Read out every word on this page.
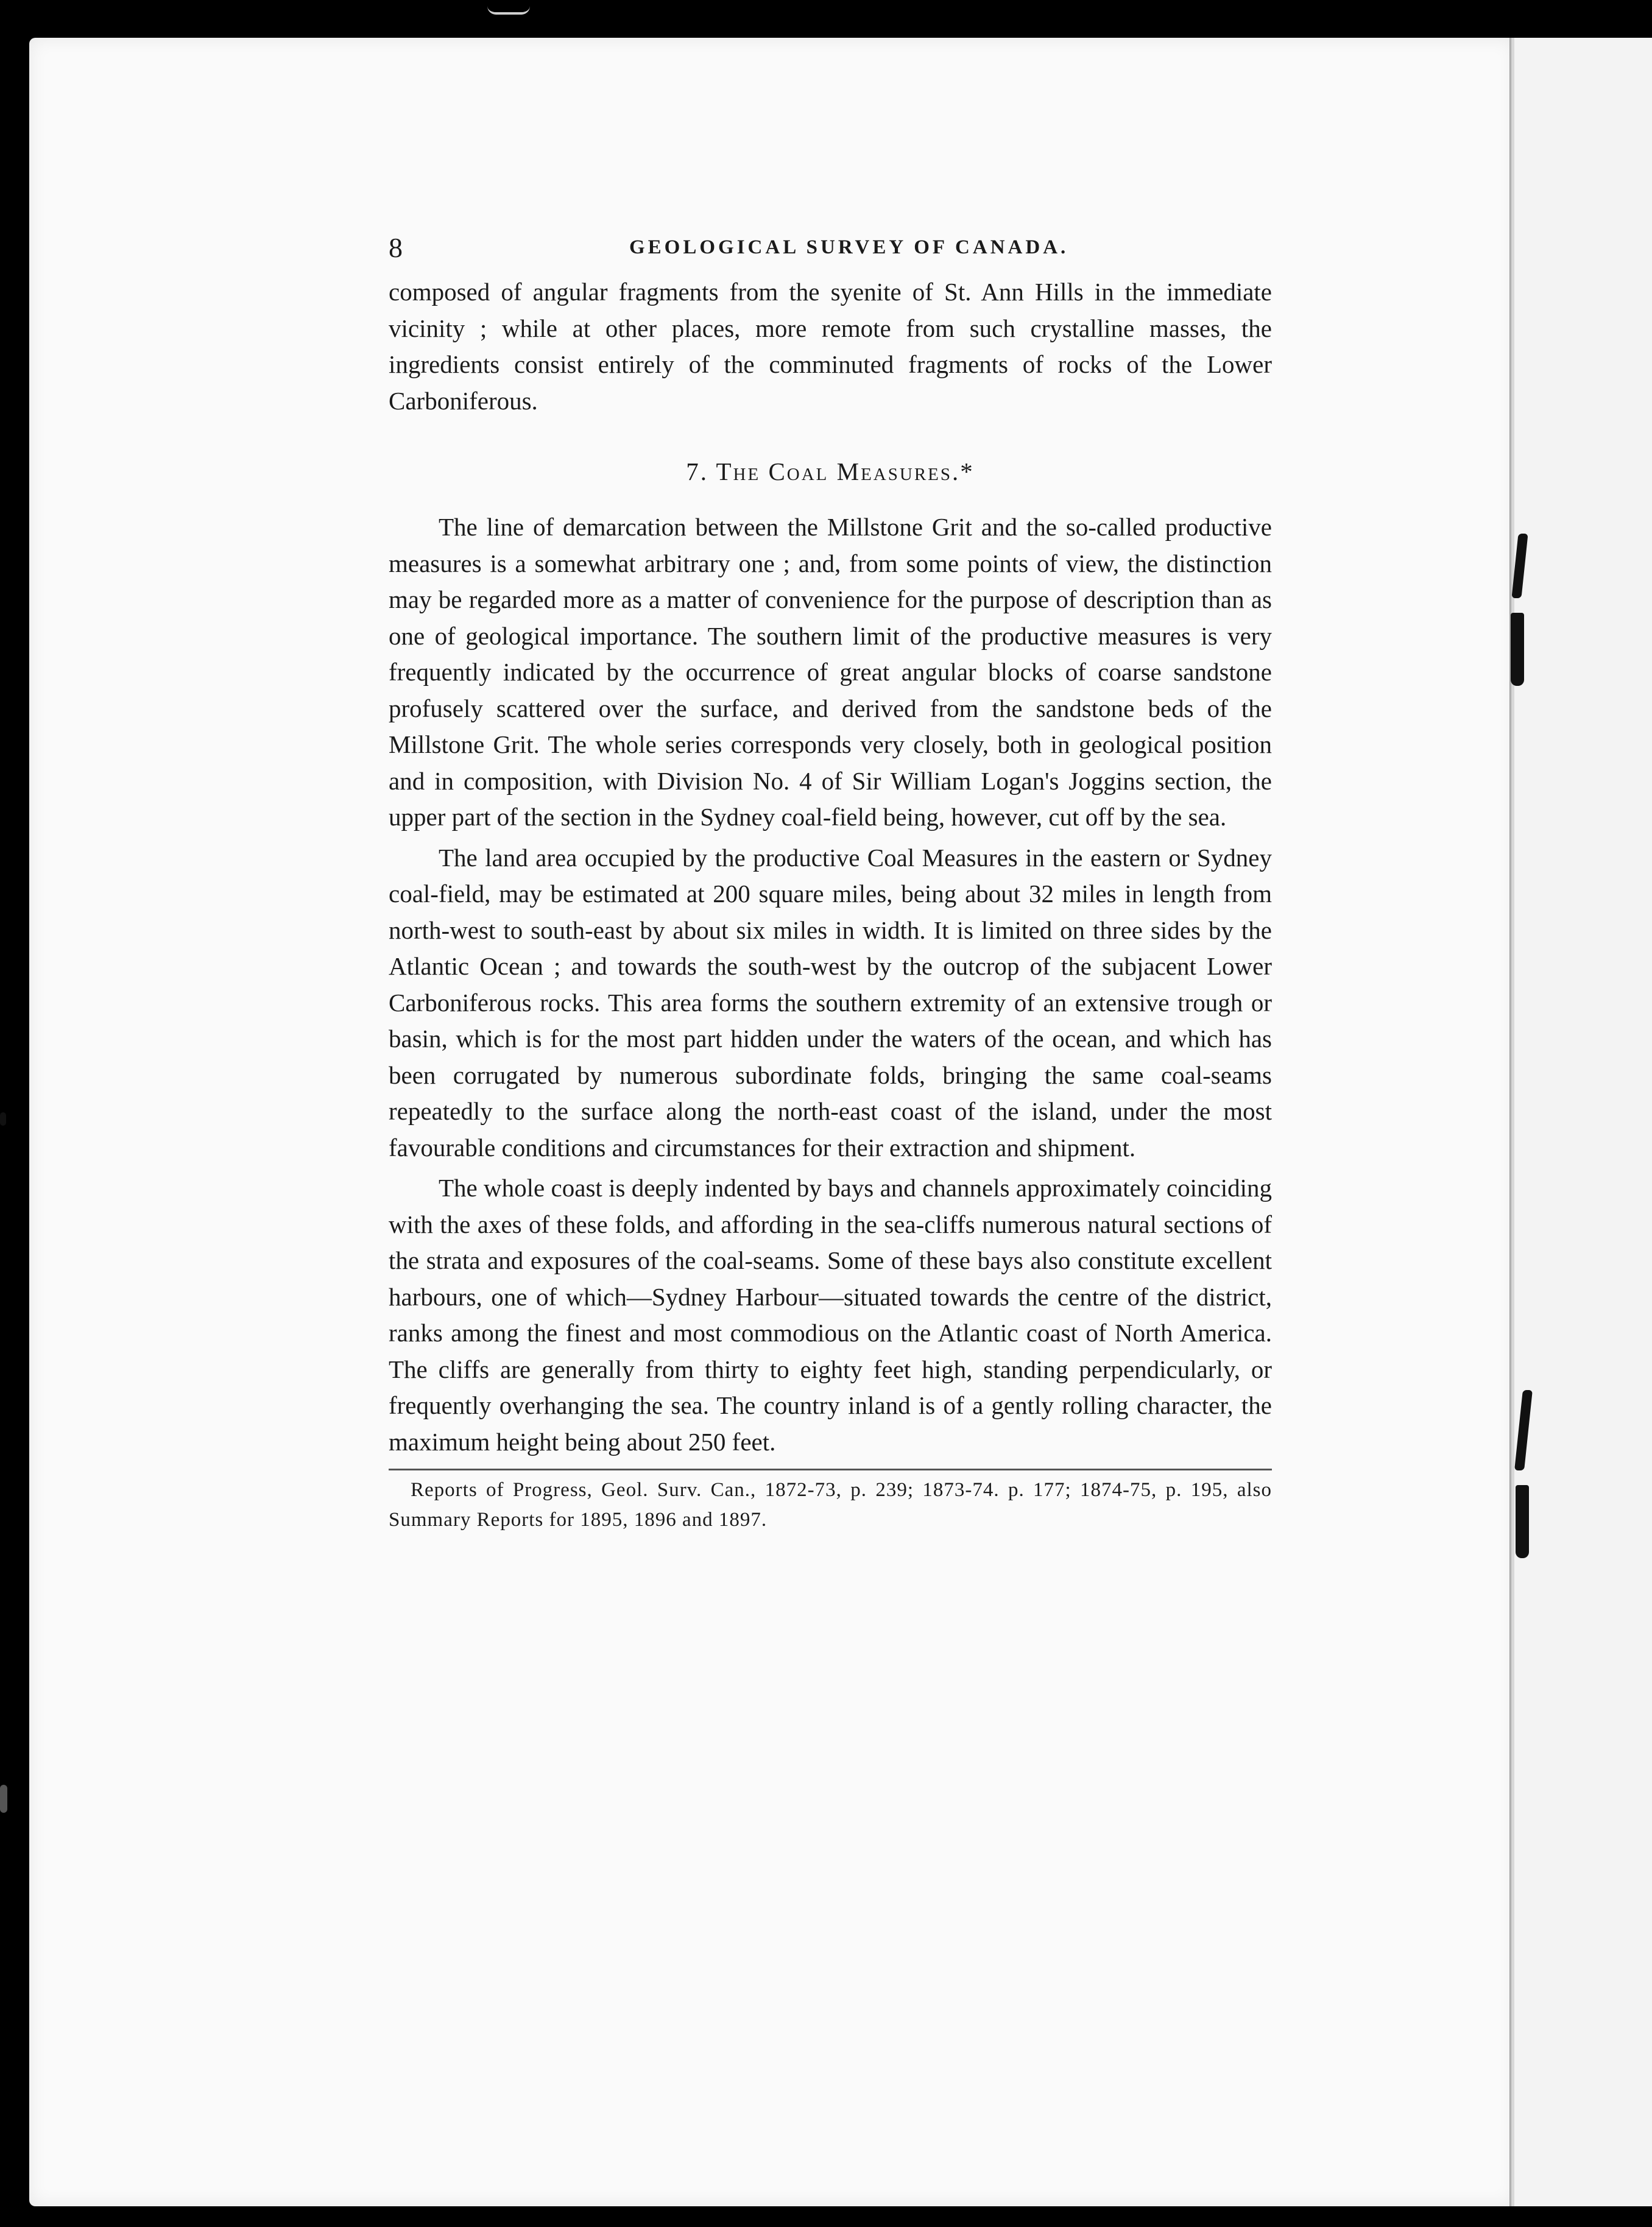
8	GEOLOGICAL SURVEY OF CANADA.

composed of angular fragments from the syenite of St. Ann Hills in the immediate vicinity ; while at other places, more remote from such crystalline masses, the ingredients consist entirely of the comminuted fragments of rocks of the Lower Carboniferous.

7. The Coal Measures.*

The line of demarcation between the Millstone Grit and the so-called productive measures is a somewhat arbitrary one ; and, from some points of view, the distinction may be regarded more as a matter of convenience for the purpose of description than as one of geological importance. The southern limit of the productive measures is very frequently indicated by the occurrence of great angular blocks of coarse sandstone profusely scattered over the surface, and derived from the sandstone beds of the Millstone Grit. The whole series corresponds very closely, both in geological position and in composition, with Division No. 4 of Sir William Logan's Joggins section, the upper part of the section in the Sydney coal-field being, however, cut off by the sea.

The land area occupied by the productive Coal Measures in the eastern or Sydney coal-field, may be estimated at 200 square miles, being about 32 miles in length from north-west to south-east by about six miles in width. It is limited on three sides by the Atlantic Ocean ; and towards the south-west by the outcrop of the subjacent Lower Carboniferous rocks. This area forms the southern extremity of an extensive trough or basin, which is for the most part hidden under the waters of the ocean, and which has been corrugated by numerous subordinate folds, bringing the same coal-seams repeatedly to the surface along the north-east coast of the island, under the most favourable conditions and circumstances for their extraction and shipment.

The whole coast is deeply indented by bays and channels approximately coinciding with the axes of these folds, and affording in the sea-cliffs numerous natural sections of the strata and exposures of the coal-seams. Some of these bays also constitute excellent harbours, one of which—Sydney Harbour—situated towards the centre of the district, ranks among the finest and most commodious on the Atlantic coast of North America. The cliffs are generally from thirty to eighty feet high, standing perpendicularly, or frequently overhanging the sea. The country inland is of a gently rolling character, the maximum height being about 250 feet.

Reports of Progress, Geol. Surv. Can., 1872-73, p. 239; 1873-74. p. 177; 1874-75, p. 195, also Summary Reports for 1895, 1896 and 1897.
